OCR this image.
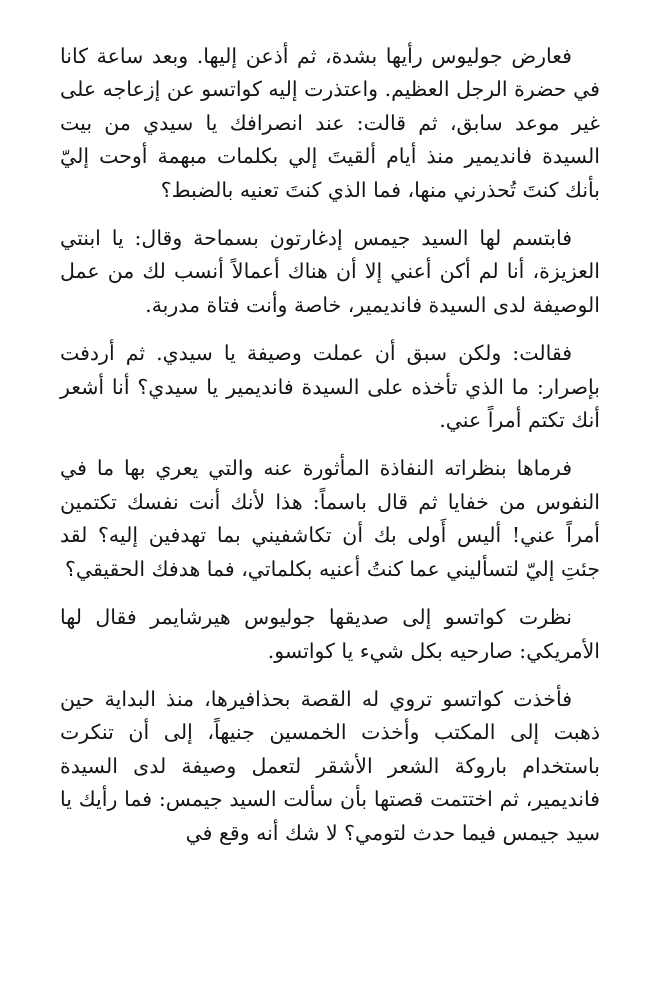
فعارض جوليوس رأيها بشدة، ثم أذعن إليها. وبعد ساعة كانا في حضرة الرجل العظيم. واعتذرت إليه كواتسو عن إزعاجه على غير موعد سابق، ثم قالت: عند انصرافك يا سيدي من بيت السيدة فانديمير منذ أيام ألقيتَ إلي بكلمات مبهمة أوحت إليّ بأنك كنتَ تُحذرني منها، فما الذي كنتَ تعنيه بالضبط؟

فابتسم لها السيد جيمس إدغارتون بسماحة وقال: يا ابنتي العزيزة، أنا لم أكن أعني إلا أن هناك أعمالاً أنسب لك من عمل الوصيفة لدى السيدة فانديمير، خاصة وأنت فتاة مدربة.

فقالت: ولكن سبق أن عملت وصيفة يا سيدي. ثم أردفت بإصرار: ما الذي تأخذه على السيدة فانديمير يا سيدي؟ أنا أشعر أنك تكتم أمراً عني.

فرماها بنظراته النفاذة المأثورة عنه والتي يعري بها ما في النفوس من خفايا ثم قال باسماً: هذا لأنك أنت نفسك تكتمين أمراً عني! أليس أَولى بك أن تكاشفيني بما تهدفين إليه؟ لقد جئتِ إليّ لتسأليني عما كنتُ أعنيه بكلماتي، فما هدفك الحقيقي؟

نظرت كواتسو إلى صديقها جوليوس هيرشايمر فقال لها الأمريكي: صارحيه بكل شيء يا كواتسو.

فأخذت كواتسو تروي له القصة بحذافيرها، منذ البداية حين ذهبت إلى المكتب وأخذت الخمسين جنيهاً، إلى أن تنكرت باستخدام باروكة الشعر الأشقر لتعمل وصيفة لدى السيدة فانديمير، ثم اختتمت قصتها بأن سألت السيد جيمس: فما رأيك يا سيد جيمس فيما حدث لتومي؟ لا شك أنه وقع في
